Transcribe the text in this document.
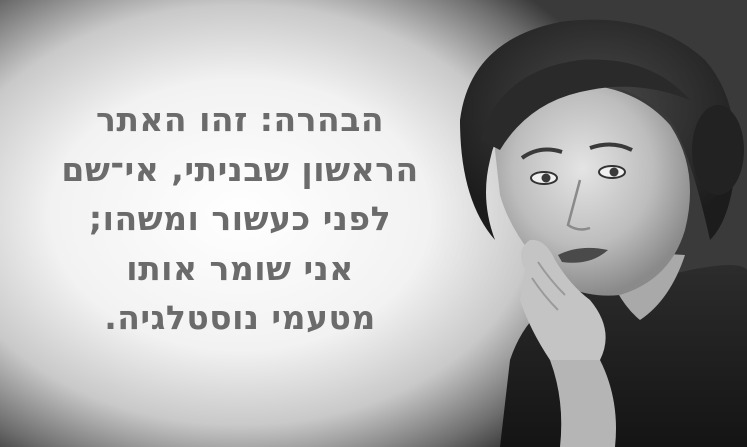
הבהרה: זהו האתר
הראשון שבניתי, אי־שם
לפני כעשור ומשהו;
אני שומר אותו
מטעמי נוסטלגיה.
